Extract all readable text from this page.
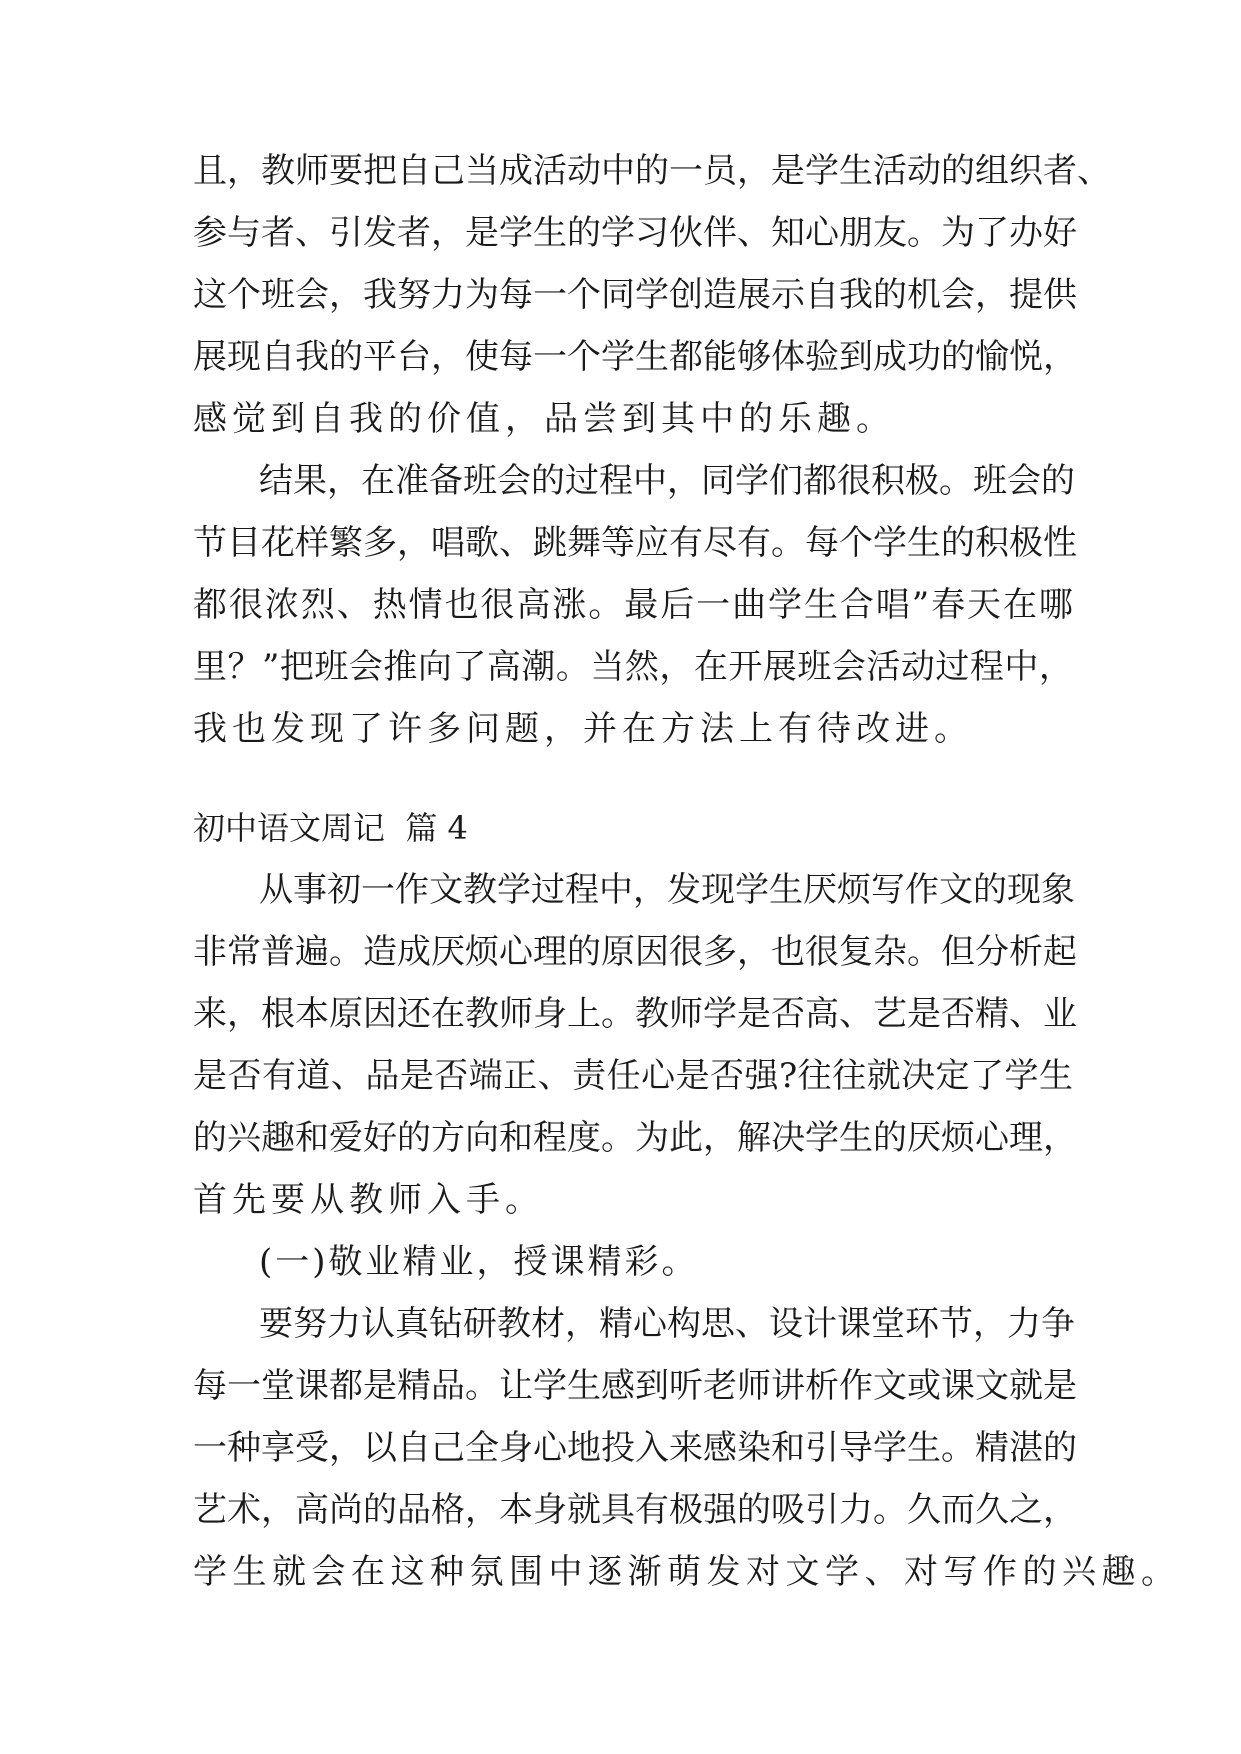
且 ， 教 师 要 把 自 己 当 成 活 动 中 的 一 员 ， 是 学 生 活 动 的 组 织 者 、
参 与 者 、 引 发 者 ， 是 学 生 的 学 习 伙 伴 、 知 心 朋 友 。 为 了 办 好
这 个 班 会 ， 我 努 力 为 每 一 个 同 学 创 造 展 示 自 我 的 机 会 ， 提 供
展 现 自 我 的 平 台 ， 使 每 一 个 学 生 都 能 够 体 验 到 成 功 的 愉 悦 ，
感觉到自我的价值，品尝到其中的乐趣。
结 果 ， 在 准 备 班 会 的 过 程 中 ， 同 学 们 都 很 积 极 。 班 会 的
节 目 花 样 繁 多 ， 唱 歌 、 跳 舞 等 应 有 尽 有 。 每 个 学 生 的 积 极 性
都 很 浓 烈 、 热 情 也 很 高 涨 。 最 后 一 曲 学 生 合 唱 ” 春 天 在 哪
里 ？ ” 把 班 会 推 向 了 高 潮 。 当 然 ， 在 开 展 班 会 活 动 过 程 中 ，
我也发现了许多问题，并在方法上有待改进。
初中语文周记  篇 4
从 事 初 一 作 文 教 学 过 程 中 ， 发 现 学 生 厌 烦 写 作 文 的 现 象
非 常 普 遍 。 造 成 厌 烦 心 理 的 原 因 很 多 ， 也 很 复 杂 。 但 分 析 起
来 ， 根 本 原 因 还 在 教 师 身 上 。 教 师 学 是 否 高 、 艺 是 否 精 、 业
是 否 有 道 、 品 是 否 端 正 、 责 任 心 是 否 强 ? 往 往 就 决 定 了 学 生
的 兴 趣 和 爱 好 的 方 向 和 程 度 。 为 此 ， 解 决 学 生 的 厌 烦 心 理 ，
首先要从教师入手。
(一)敬业精业，授课精彩。
要 努 力 认 真 钻 研 教 材 ， 精 心 构 思 、 设 计 课 堂 环 节 ， 力 争
每 一 堂 课 都 是 精 品 。 让 学 生 感 到 听 老 师 讲 析 作 文 或 课 文 就 是
一 种 享 受 ， 以 自 己 全 身 心 地 投 入 来 感 染 和 引 导 学 生 。 精 湛 的
艺 术 ， 高 尚 的 品 格 ， 本 身 就 具 有 极 强 的 吸 引 力 。 久 而 久 之 ，
学生就会在这种氛围中逐渐萌发对文学、对写作的兴趣。
